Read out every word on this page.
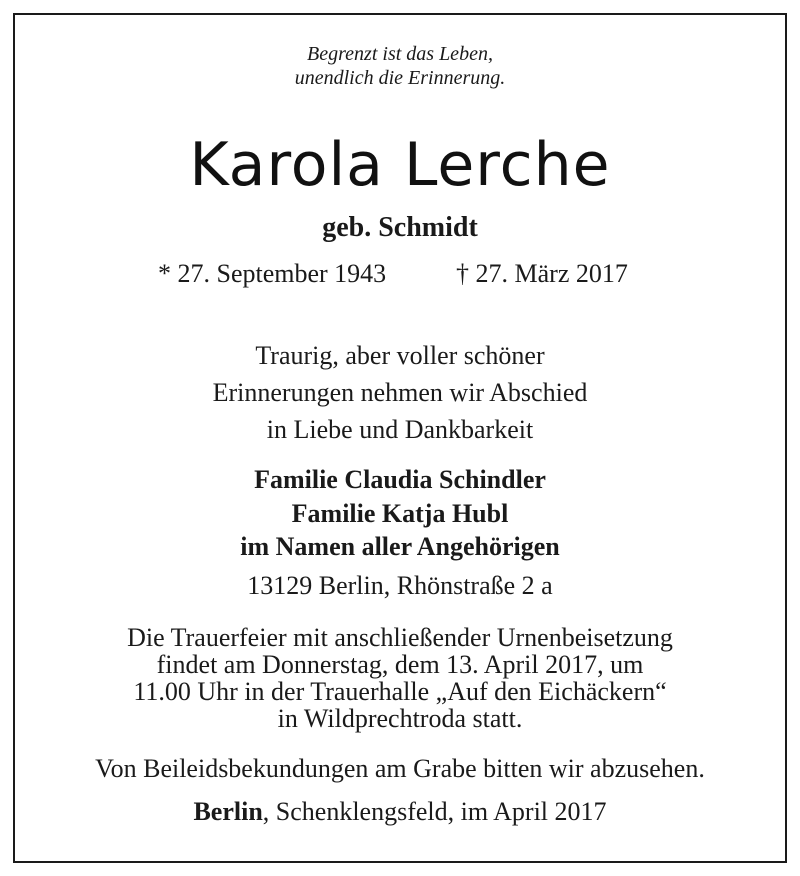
Begrenzt ist das Leben,

unendlich die Erinnerung.

Karola Lerche

geb. Schmidt

* 27. September 1943	† 27. März 2017

Traurig, aber voller schöner

Erinnerungen nehmen wir Abschied

in Liebe und Dankbarkeit

Familie Claudia Schindler

Familie Katja Hubl

im Namen aller Angehörigen

13129 Berlin, Rhönstraße 2 a

Die Trauerfeier mit anschließender Urnenbeisetzung

findet am Donnerstag, dem 13. April 2017, um

11.00 Uhr in der Trauerhalle „Auf den Eichäckern“

in Wildprechtroda statt.

Von Beileidsbekundungen am Grabe bitten wir abzusehen.

Berlin, Schenklengsfeld, im April 2017
